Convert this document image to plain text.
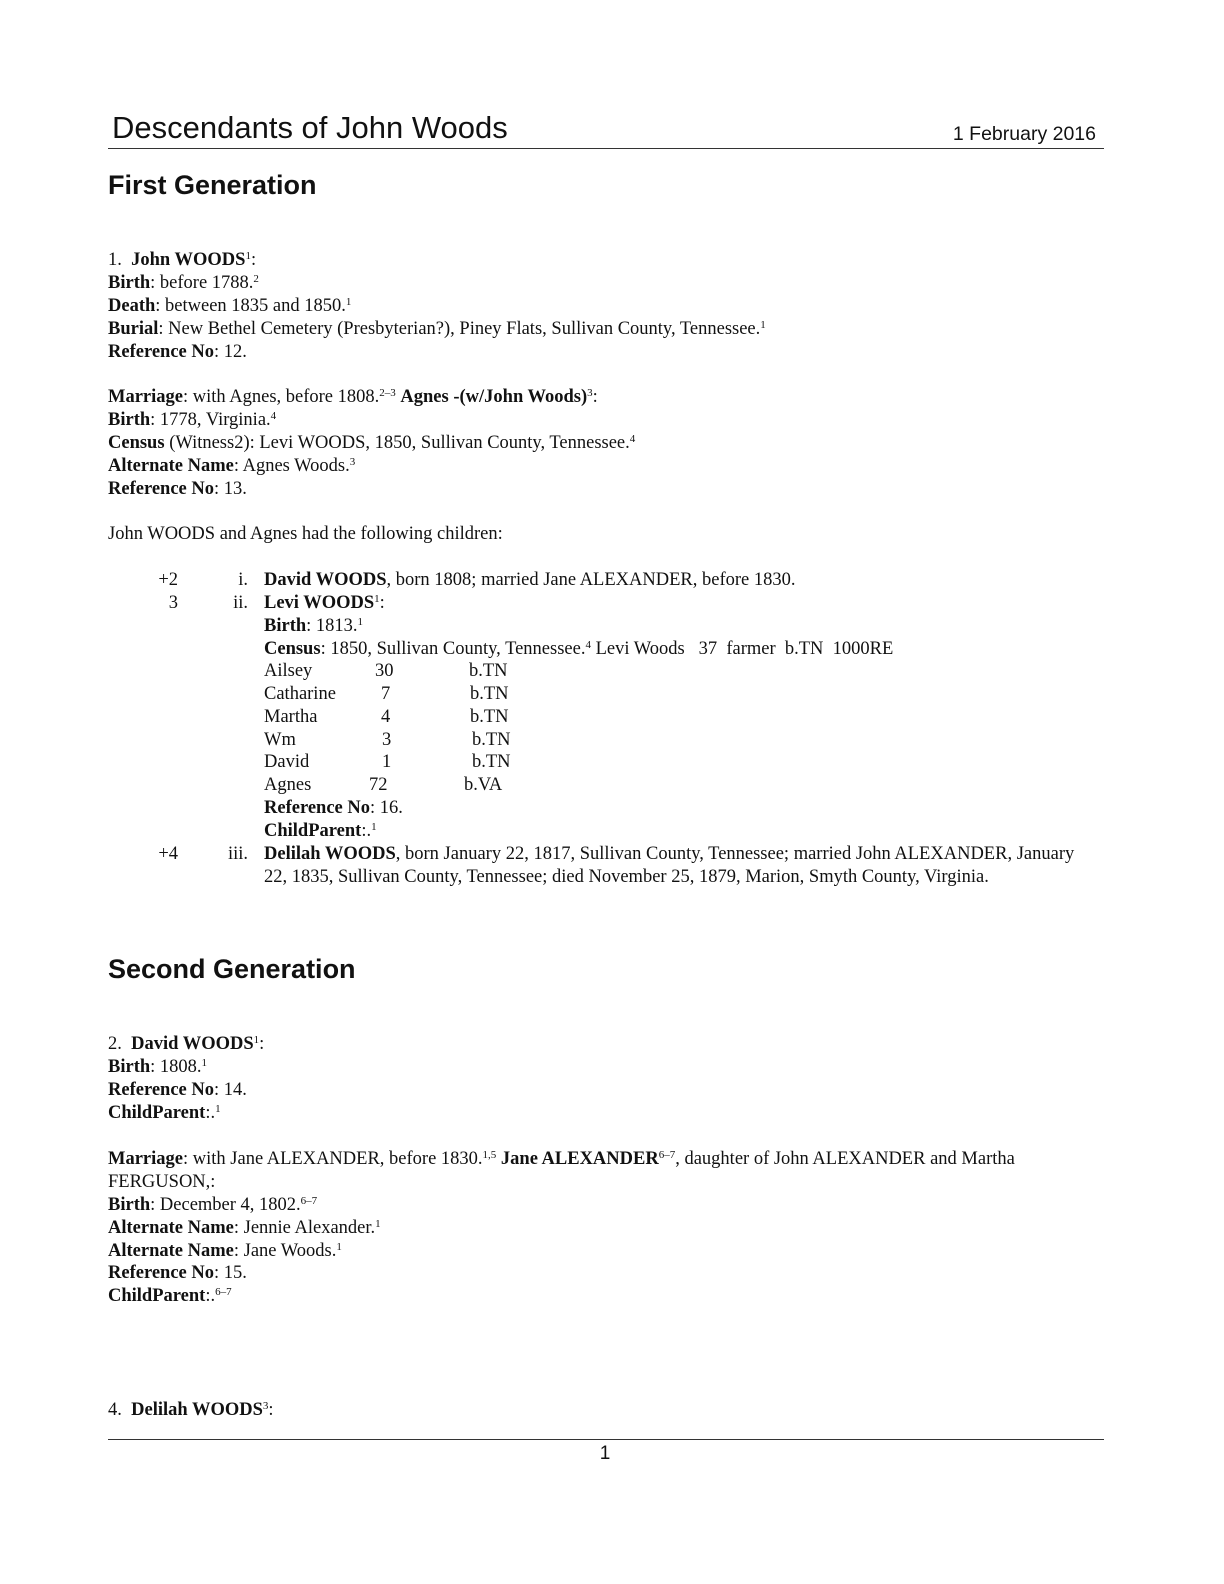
Descendants of John Woods	1 February 2016
First Generation
1. John WOODS$^1$:
Birth: before 1788.$^2$
Death: between 1835 and 1850.$^1$
Burial: New Bethel Cemetery (Presbyterian?), Piney Flats, Sullivan County, Tennessee.$^1$
Reference No: 12.
Marriage: with Agnes, before 1808.$^{2-3}$ Agnes -(w/John Woods)$^3$:
Birth: 1778, Virginia.$^4$
Census (Witness2): Levi WOODS, 1850, Sullivan County, Tennessee.$^4$
Alternate Name: Agnes Woods.$^3$
Reference No: 13.
John WOODS and Agnes had the following children:
+2	i. David WOODS, born 1808; married Jane ALEXANDER, before 1830.
3	ii. Levi WOODS$^1$:
Birth: 1813.$^1$
Census: 1850, Sullivan County, Tennessee.$^4$ Levi Woods   37  farmer  b.TN  1000RE
Ailsey	30	b.TN
Catharine 7	b.TN
Martha	4	b.TN
Wm	3	b.TN
David	1	b.TN
Agnes	72	b.VA
Reference No: 16.
ChildParent:.$^1$
+4	iii. Delilah WOODS, born January 22, 1817, Sullivan County, Tennessee; married John ALEXANDER, January 22, 1835, Sullivan County, Tennessee; died November 25, 1879, Marion, Smyth County, Virginia.
Second Generation
2. David WOODS$^1$:
Birth: 1808.$^1$
Reference No: 14.
ChildParent:.$^1$
Marriage: with Jane ALEXANDER, before 1830.$^{1,5}$ Jane ALEXANDER$^{6-7}$, daughter of John ALEXANDER and Martha
FERGUSON,:
Birth: December 4, 1802.$^{6-7}$
Alternate Name: Jennie Alexander.$^1$
Alternate Name: Jane Woods.$^1$
Reference No: 15.
ChildParent:.$^{6-7}$
4. Delilah WOODS$^3$:
1
